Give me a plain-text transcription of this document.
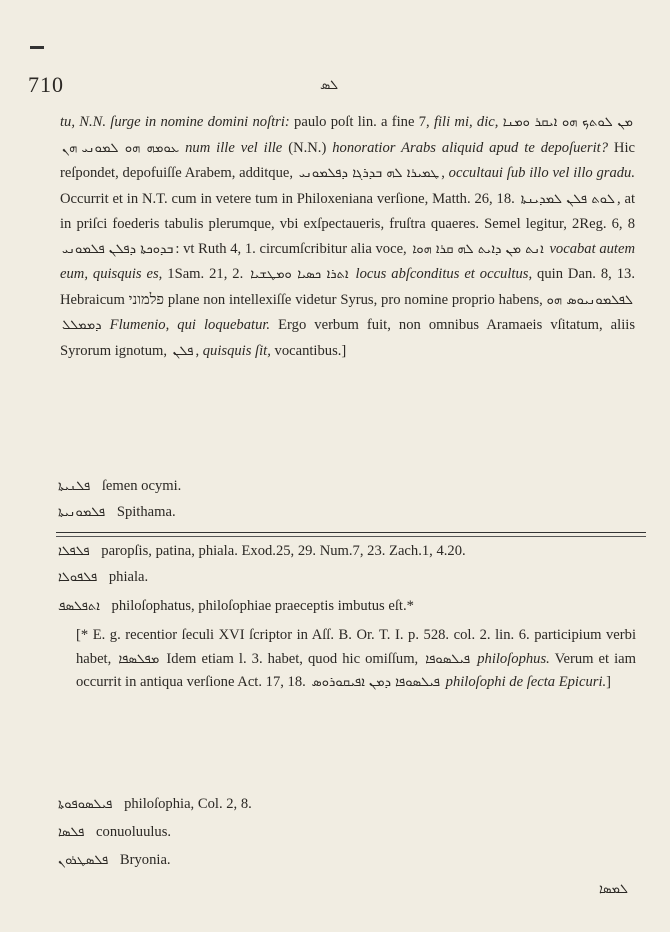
710	ܠܣ
tu, N.N. ſurge in nomine domini noſtri: paulo poſt lin. a fine 7, fili mi, dic, ܡܢ ܠܘܬܟ ܗܘ ܐܝܩܪ ܘܡܢܐ ܥܘܡܗ ܗܘ ܠܡܘܢܝ ܗܢ num ille vel ille (N.N.) honoratior Arabs aliquid apud te depoſuerit? Hic reſpondet, depofuiſſe Arabem, additque, ܛܡܝܪܐ ܠܗ ܒܕܪܓܐ ܕܦܠܡܘܢܝ , occultaui ſub illo vel illo gradu. Occurrit et in N.T. cum in vetere tum in Philoxeniana verſione, Matth. 26, 18. ܠܘܬ ܦܠܢ ܠܡܕܝܢܬܐ , at in priſci foederis tabulis plerumque, vbi exſpectaueris, fruſtra quaeres. Semel legitur, 2Reg. 6, 8 ܒܕܘܟܬܐ ܕܦܠܢ ܦܠܡܘܢܝ : vt Ruth 4, 1. circumſcribitur alia voce, ܐܢܬ ܡܢ ܕܐܝܬ ܠܗ ܩܪܐ ܗܘܐ vocabat autem eum, quisquis es, 1Sam. 21, 2. ܐܬܪܐ ܟܣܝܐ ܘܡܛܫܝܐ locus abſconditus et occultus, quin Dan. 8, 13. Hebraicum פלמוני plane non intellexiſſe videtur Syrus, pro nomine proprio habens, ܠܦܠܡܘܢܝܘܣ ܗܘ ܕܡܡܠܠ Flumenio, qui loquebatur. Ergo verbum fuit, non omnibus Aramaeis vſitatum, aliis Syrorum ignotum, ܦܠܢ , quisquis ſit, vocantibus.]
ܦܠܢܝܬܐ ſemen ocymi.
ܦܠܡܘܢܝܬܐ Spithama.
ܦܠܦܠܐ paropſis, patina, phiala. Exod.25, 29. Num.7, 23. Zach.1, 4.20.
ܦܠܦܘܠܐ phiala.
ܐܬܦܠܣܦ philoſophatus, philoſophiae praeceptis imbutus eſt.*
[* E. g. recentior ſeculi XVI ſcriptor in Aſſ. B. Or. T. I. p. 528. col. 2. lin. 6. participium verbi habet, ܡܦܠܣܦܐ Idem etiam l. 3. habet, quod hic omiſſum, ܦܝܠܣܘܦܐ philoſophus. Verum et iam occurrit in antiqua verſione Act. 17, 18. ܦܝܠܣܘܦܐ ܕܡܢ ܐܦܝܩܘܪܘܣ philoſophi de ſecta Epicuri.]
ܦܝܠܣܘܦܘܬܐ philoſophia, Col. 2, 8.
ܦܠܣܐ conuoluulus.
ܦܠܣܛܪܘܢ Bryonia.
ܠܡܣܐ
